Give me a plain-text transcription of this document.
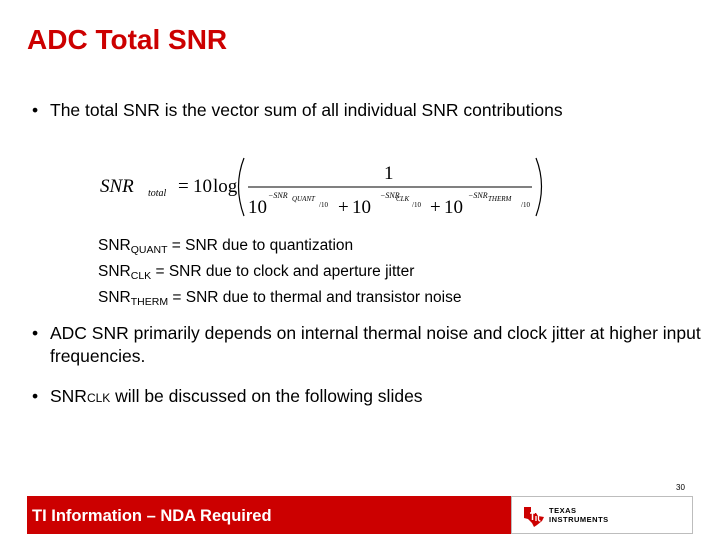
ADC Total SNR
• The total SNR is the vector sum of all individual SNR contributions
SNR total = 10 log
1
10
−SNR QUANT
/10 + 10
−SNR
CLK
/10 + 10
−SNR THERM
/10
$SNR_{QUANT}$ = SNR due to quantization
$SNR_{CLK}$ = SNR due to clock and aperture jitter
$SNR_{THERM}$ = SNR due to thermal and transistor noise
• ADC SNR primarily depends on internal thermal noise and clock jitter at higher input frequencies.
• SNRCLK will be discussed on the following slides
30
TI Information – NDA Required	TEXAS
INSTRUMENTS
